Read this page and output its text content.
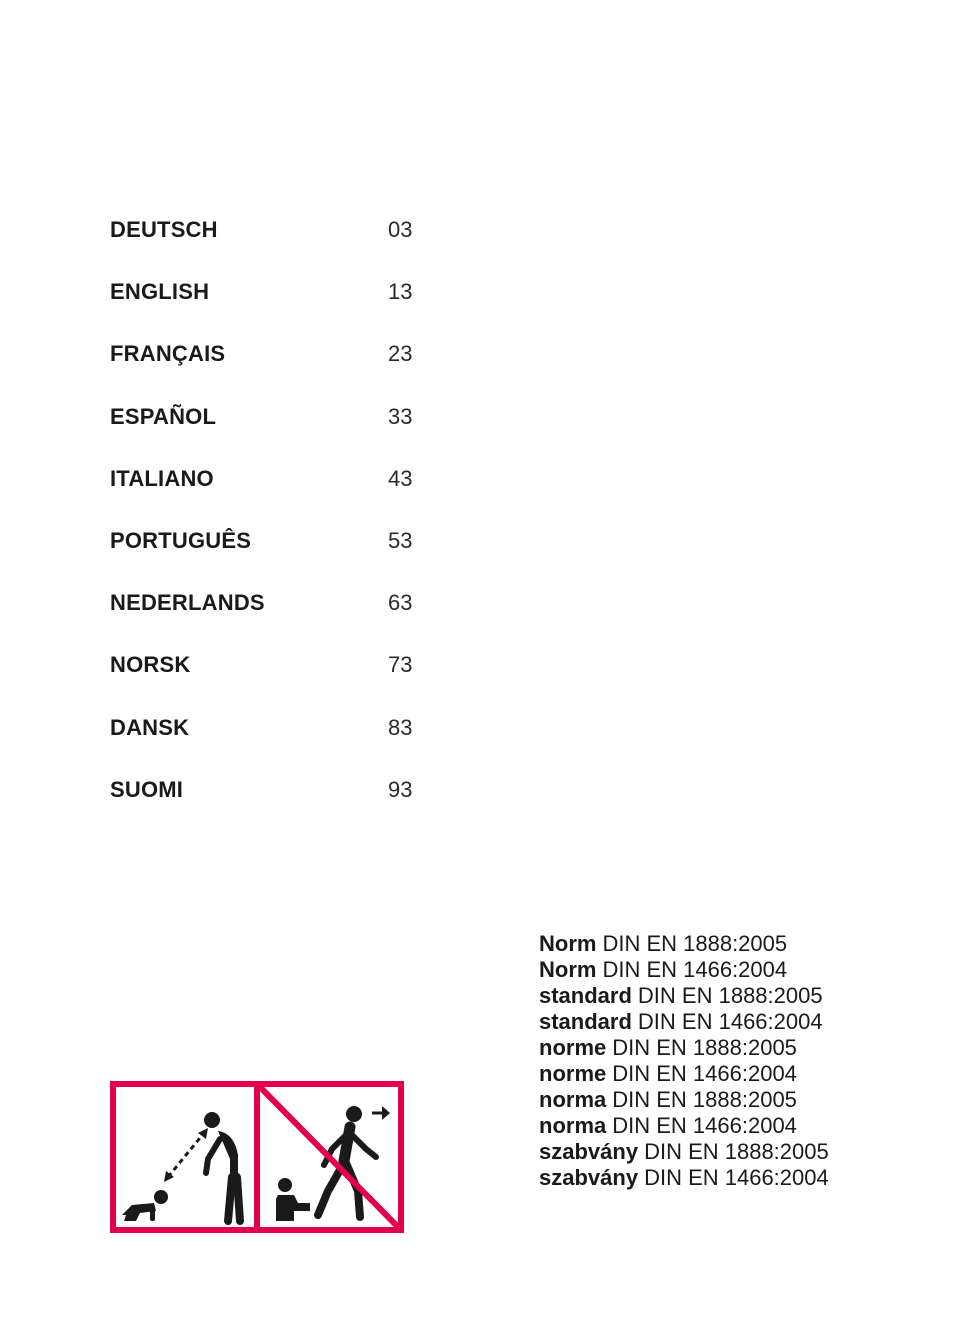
DEUTSCH	03
ENGLISH	13
FRANÇAIS	23
ESPAÑOL	33
ITALIANO	43
PORTUGUÊS	53
NEDERLANDS	63
NORSK	73
DANSK	83
SUOMI	93
Norm DIN EN 1888:2005
Norm DIN EN 1466:2004
standard DIN EN 1888:2005
standard DIN EN 1466:2004
norme DIN EN 1888:2005
norme DIN EN 1466:2004
norma DIN EN 1888:2005
norma DIN EN 1466:2004
szabvány DIN EN 1888:2005
szabvány DIN EN 1466:2004
